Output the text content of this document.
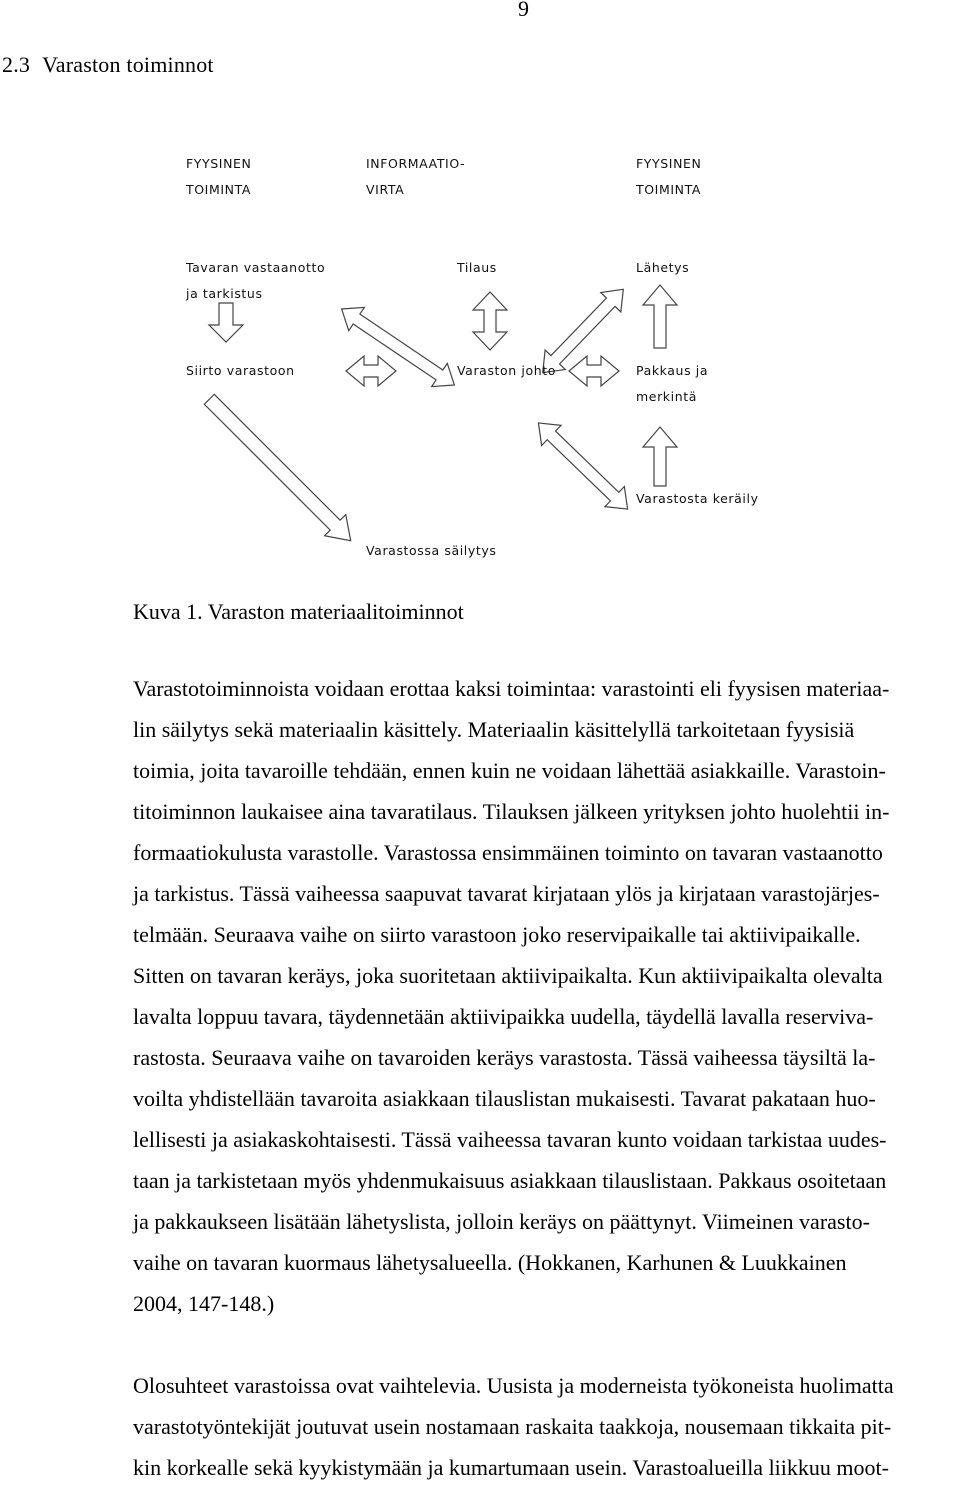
9
2.3 Varaston toiminnot
FYYSINEN
TOIMINTA
INFORMAATIO-
VIRTA
FYYSINEN
TOIMINTA
Tavaran vastaanotto
ja tarkistus
Tilaus	Lähetys
Siirto varastoon	Varaston johto	Pakkaus ja
merkintä
Varastosta keräily
Varastossa säilytys
Kuva 1. Varaston materiaalitoiminnot
Varastotoiminnoista voidaan erottaa kaksi toimintaa: varastointi eli fyysisen materiaa-
lin säilytys sekä materiaalin käsittely. Materiaalin käsittelyllä tarkoitetaan fyysisiä
toimia, joita tavaroille tehdään, ennen kuin ne voidaan lähettää asiakkaille. Varastoin-
titoiminnon laukaisee aina tavaratilaus. Tilauksen jälkeen yrityksen johto huolehtii in-
formaatiokulusta varastolle. Varastossa ensimmäinen toiminto on tavaran vastaanotto
ja tarkistus. Tässä vaiheessa saapuvat tavarat kirjataan ylös ja kirjataan varastojärjes-
telmään. Seuraava vaihe on siirto varastoon joko reservipaikalle tai aktiivipaikalle.
Sitten on tavaran keräys, joka suoritetaan aktiivipaikalta. Kun aktiivipaikalta olevalta
lavalta loppuu tavara, täydennetään aktiivipaikka uudella, täydellä lavalla reserviva-
rastosta. Seuraava vaihe on tavaroiden keräys varastosta. Tässä vaiheessa täysiltä la-
voilta yhdistellään tavaroita asiakkaan tilauslistan mukaisesti. Tavarat pakataan huo-
lellisesti ja asiakaskohtaisesti. Tässä vaiheessa tavaran kunto voidaan tarkistaa uudes-
taan ja tarkistetaan myös yhdenmukaisuus asiakkaan tilauslistaan. Pakkaus osoitetaan
ja pakkaukseen lisätään lähetyslista, jolloin keräys on päättynyt. Viimeinen varasto-
vaihe on tavaran kuormaus lähetysalueella. (Hokkanen, Karhunen & Luukkainen
2004, 147-148.)
Olosuhteet varastoissa ovat vaihtelevia. Uusista ja moderneista työkoneista huolimatta
varastotyöntekijät joutuvat usein nostamaan raskaita taakkoja, nousemaan tikkaita pit-
kin korkealle sekä kyykistymään ja kumartumaan usein. Varastoalueilla liikkuu moot-
